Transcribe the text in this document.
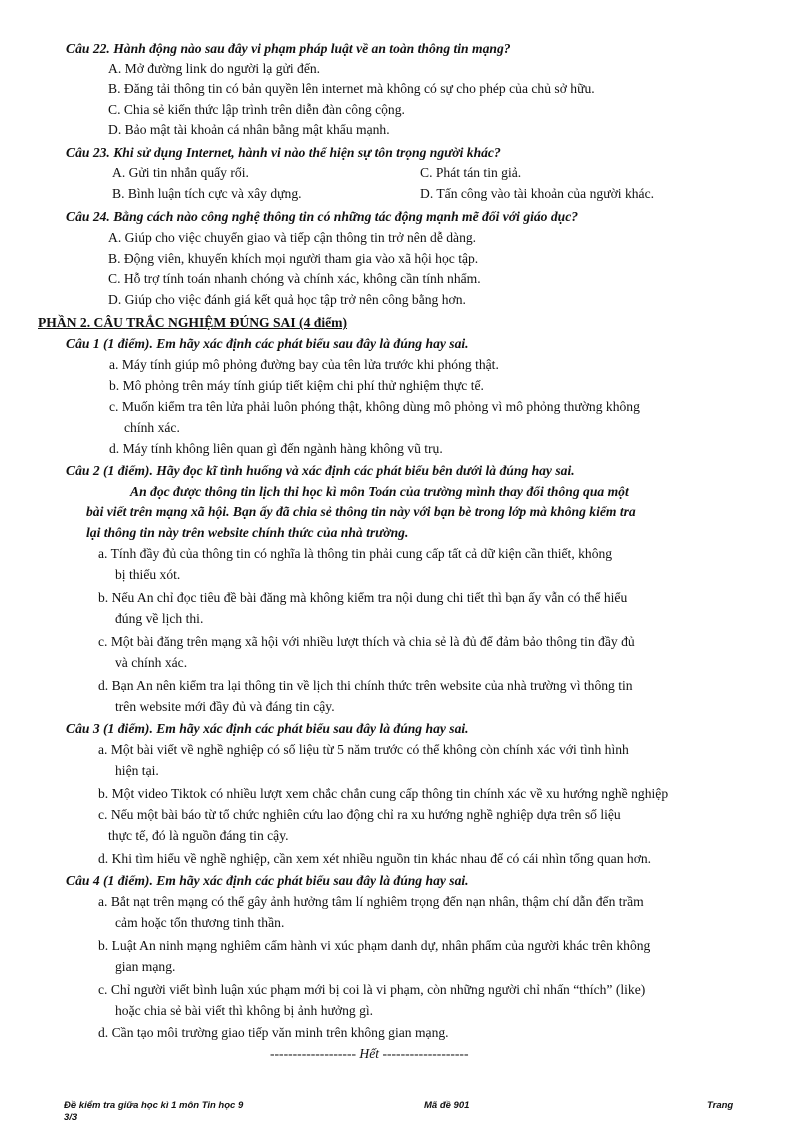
Câu 22. Hành động nào sau đây vi phạm pháp luật về an toàn thông tin mạng?
A. Mở đường link do người lạ gửi đến.
B. Đăng tải thông tin có bản quyền lên internet mà không có sự cho phép của chủ sở hữu.
C. Chia sẻ kiến thức lập trình trên diễn đàn công cộng.
D. Bảo mật tài khoản cá nhân bằng mật khẩu mạnh.
Câu 23. Khi sử dụng Internet, hành vi nào thể hiện sự tôn trọng người khác?
A. Gửi tin nhắn quấy rối.	C. Phát tán tin giả.
B. Bình luận tích cực và xây dựng.	D. Tấn công vào tài khoản của người khác.
Câu 24. Bằng cách nào công nghệ thông tin có những tác động mạnh mẽ đối với giáo dục?
A. Giúp cho việc chuyển giao và tiếp cận thông tin trở nên dễ dàng.
B. Động viên, khuyến khích mọi người tham gia vào xã hội học tập.
C. Hỗ trợ tính toán nhanh chóng và chính xác, không cần tính nhẩm.
D. Giúp cho việc đánh giá kết quả học tập trở nên công bằng hơn.
PHẦN 2. CÂU TRẮC NGHIỆM ĐÚNG SAI (4 điểm)
Câu 1 (1 điểm). Em hãy xác định các phát biểu sau đây là đúng hay sai.
a. Máy tính giúp mô phỏng đường bay của tên lửa trước khi phóng thật.
b. Mô phỏng trên máy tính giúp tiết kiệm chi phí thử nghiệm thực tế.
c. Muốn kiểm tra tên lửa phải luôn phóng thật, không dùng mô phỏng vì mô phỏng thường không
chính xác.
d. Máy tính không liên quan gì đến ngành hàng không vũ trụ.
Câu 2 (1 điểm). Hãy đọc kĩ tình huống và xác định các phát biểu bên dưới là đúng hay sai.
An đọc được thông tin lịch thi học kì môn Toán của trường mình thay đổi thông qua một
bài viết trên mạng xã hội. Bạn ấy đã chia sẻ thông tin này với bạn bè trong lớp mà không kiểm tra
lại thông tin này trên website chính thức của nhà trường.
a. Tính đầy đủ của thông tin có nghĩa là thông tin phải cung cấp tất cả dữ kiện cần thiết, không
bị thiếu xót.
b. Nếu An chỉ đọc tiêu đề bài đăng mà không kiểm tra nội dung chi tiết thì bạn ấy vẫn có thể hiểu
đúng về lịch thi.
c. Một bài đăng trên mạng xã hội với nhiều lượt thích và chia sẻ là đủ để đảm bảo thông tin đầy đủ
và chính xác.
d. Bạn An nên kiểm tra lại thông tin về lịch thi chính thức trên website của nhà trường vì thông tin
trên website mới đầy đủ và đáng tin cậy.
Câu 3 (1 điểm). Em hãy xác định các phát biểu sau đây là đúng hay sai.
a. Một bài viết về nghề nghiệp có số liệu từ 5 năm trước có thể không còn chính xác với tình hình
hiện tại.
b. Một video Tiktok có nhiều lượt xem chắc chắn cung cấp thông tin chính xác về xu hướng nghề nghiệp
c. Nếu một bài báo từ tổ chức nghiên cứu lao động chỉ ra xu hướng nghề nghiệp dựa trên số liệu
thực tế, đó là nguồn đáng tin cậy.
d. Khi tìm hiểu về nghề nghiệp, cần xem xét nhiều nguồn tin khác nhau để có cái nhìn tổng quan hơn.
Câu 4 (1 điểm). Em hãy xác định các phát biểu sau đây là đúng hay sai.
a. Bắt nạt trên mạng có thể gây ảnh hưởng tâm lí nghiêm trọng đến nạn nhân, thậm chí dẫn đến trầm
cảm hoặc tổn thương tinh thần.
b. Luật An ninh mạng nghiêm cấm hành vi xúc phạm danh dự, nhân phẩm của người khác trên không
gian mạng.
c. Chỉ người viết bình luận xúc phạm mới bị coi là vi phạm, còn những người chỉ nhấn “thích” (like)
hoặc chia sẻ bài viết thì không bị ảnh hưởng gì.
d. Cần tạo môi trường giao tiếp văn minh trên không gian mạng.
------------------- Hết -------------------
Đề kiểm tra giữa học kì 1 môn Tin học 9
3/3
Mã đề 901	Trang
